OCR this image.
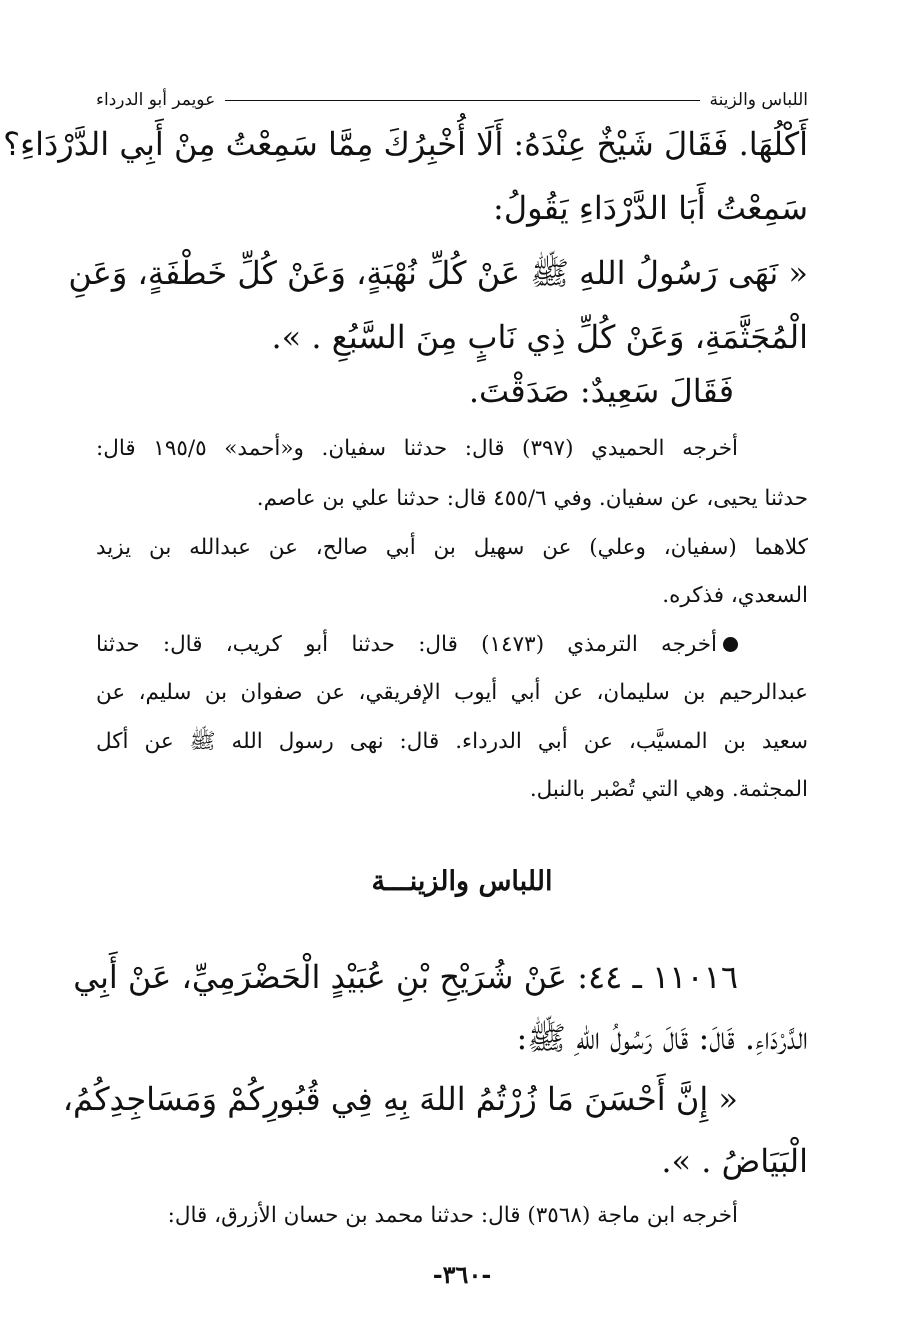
اللباس والزينة
عويمر أبو الدرداء
أَكْلُهَا. فَقَالَ شَيْخٌ عِنْدَهُ: أَلَا أُخْبِرُكَ مِمَّا سَمِعْتُ مِنْ أَبِي الدَّرْدَاءِ؟
سَمِعْتُ أَبَا الدَّرْدَاءِ يَقُولُ:
« نَهَى رَسُولُ اللهِ ﷺ عَنْ كُلِّ نُهْبَةٍ، وَعَنْ كُلِّ خَطْفَةٍ، وَعَنِ
الْمُجَثَّمَةِ، وَعَنْ كُلِّ ذِي نَابٍ مِنَ السَّبُعِ . ».
فَقَالَ سَعِيدٌ: صَدَقْتَ.
أخرجه الحميدي (٣٩٧) قال: حدثنا سفيان. و«أحمد» ١٩٥/٥ قال:
حدثنا يحيى، عن سفيان. وفي ٤٥٥/٦ قال: حدثنا علي بن عاصم.
كلاهما (سفيان، وعلي) عن سهيل بن أبي صالح، عن عبدالله بن يزيد
السعدي، فذكره.
أخرجه الترمذي (١٤٧٣) قال: حدثنا أبو كريب، قال: حدثنا
عبدالرحيم بن سليمان، عن أبي أيوب الإفريقي، عن صفوان بن سليم، عن
سعيد بن المسيَّب، عن أبي الدرداء. قال: نهى رسول الله ﷺ عن أكل
المجثمة. وهي التي تُصْبر بالنبل.
اللباس والزينـــة
١١٠١٦ ـ ٤٤: عَنْ شُرَيْحِ بْنِ عُبَيْدٍ الْحَضْرَمِيِّ، عَنْ أَبِي
الدَّرْدَاءِ. قَالَ: قَالَ رَسُولُ اللهِ ﷺ:
« إِنَّ أَحْسَنَ مَا زُرْتُمُ اللهَ بِهِ فِي قُبُورِكُمْ وَمَسَاجِدِكُمُ،
الْبَيَاضُ . ».
أخرجه ابن ماجة (٣٥٦٨) قال: حدثنا محمد بن حسان الأزرق، قال:
-٣٦٠-
